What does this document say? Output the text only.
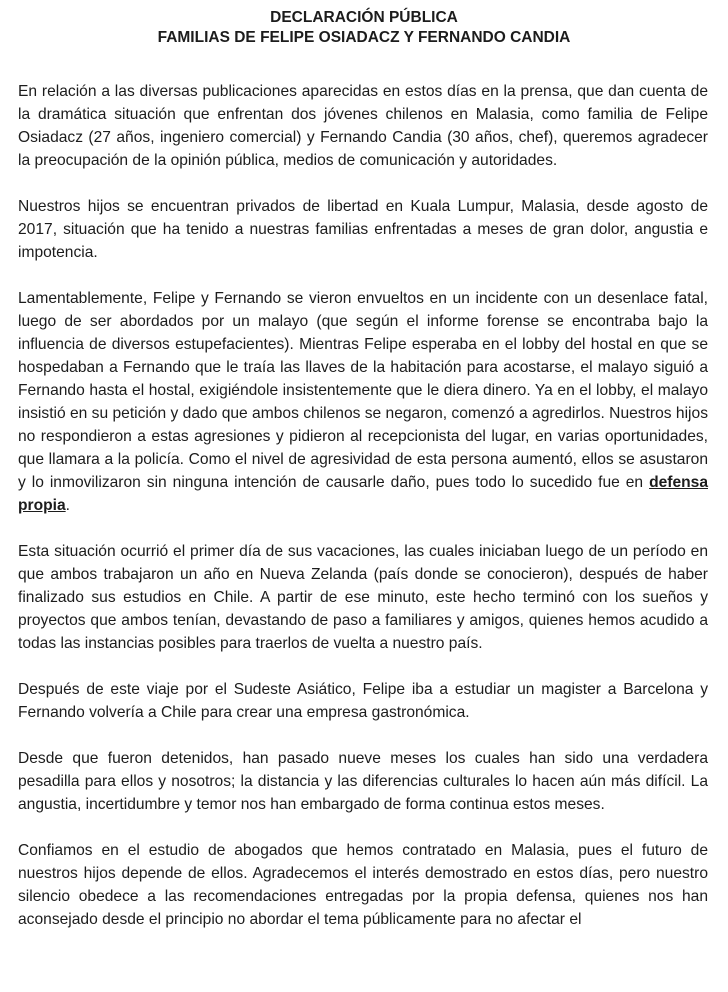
DECLARACIÓN PÚBLICA
FAMILIAS DE FELIPE OSIADACZ Y FERNANDO CANDIA

En relación a las diversas publicaciones aparecidas en estos días en la prensa, que dan cuenta de la dramática situación que enfrentan dos jóvenes chilenos en Malasia, como familia de Felipe Osiadacz (27 años, ingeniero comercial) y Fernando Candia (30 años, chef), queremos agradecer la preocupación de la opinión pública, medios de comunicación y autoridades.

Nuestros hijos se encuentran privados de libertad en Kuala Lumpur, Malasia, desde agosto de 2017, situación que ha tenido a nuestras familias enfrentadas a meses de gran dolor, angustia e impotencia.

Lamentablemente, Felipe y Fernando se vieron envueltos en un incidente con un desenlace fatal, luego de ser abordados por un malayo (que según el informe forense se encontraba bajo la influencia de diversos estupefacientes). Mientras Felipe esperaba en el lobby del hostal en que se hospedaban a Fernando que le traía las llaves de la habitación para acostarse, el malayo siguió a Fernando hasta el hostal, exigiéndole insistentemente que le diera dinero. Ya en el lobby, el malayo insistió en su petición y dado que ambos chilenos se negaron, comenzó a agredirlos. Nuestros hijos no respondieron a estas agresiones y pidieron al recepcionista del lugar, en varias oportunidades, que llamara a la policía. Como el nivel de agresividad de esta persona aumentó, ellos se asustaron y lo inmovilizaron sin ninguna intención de causarle daño, pues todo lo sucedido fue en defensa propia.

Esta situación ocurrió el primer día de sus vacaciones, las cuales iniciaban luego de un período en que ambos trabajaron un año en Nueva Zelanda (país donde se conocieron), después de haber finalizado sus estudios en Chile. A partir de ese minuto, este hecho terminó con los sueños y proyectos que ambos tenían, devastando de paso a familiares y amigos, quienes hemos acudido a todas las instancias posibles para traerlos de vuelta a nuestro país.

Después de este viaje por el Sudeste Asiático, Felipe iba a estudiar un magister a Barcelona y Fernando volvería a Chile para crear una empresa gastronómica.

Desde que fueron detenidos, han pasado nueve meses los cuales han sido una verdadera pesadilla para ellos y nosotros; la distancia y las diferencias culturales lo hacen aún más difícil. La angustia, incertidumbre y temor nos han embargado de forma continua estos meses.

Confiamos en el estudio de abogados que hemos contratado en Malasia, pues el futuro de nuestros hijos depende de ellos. Agradecemos el interés demostrado en estos días, pero nuestro silencio obedece a las recomendaciones entregadas por la propia defensa, quienes nos han aconsejado desde el principio no abordar el tema públicamente para no afectar el
